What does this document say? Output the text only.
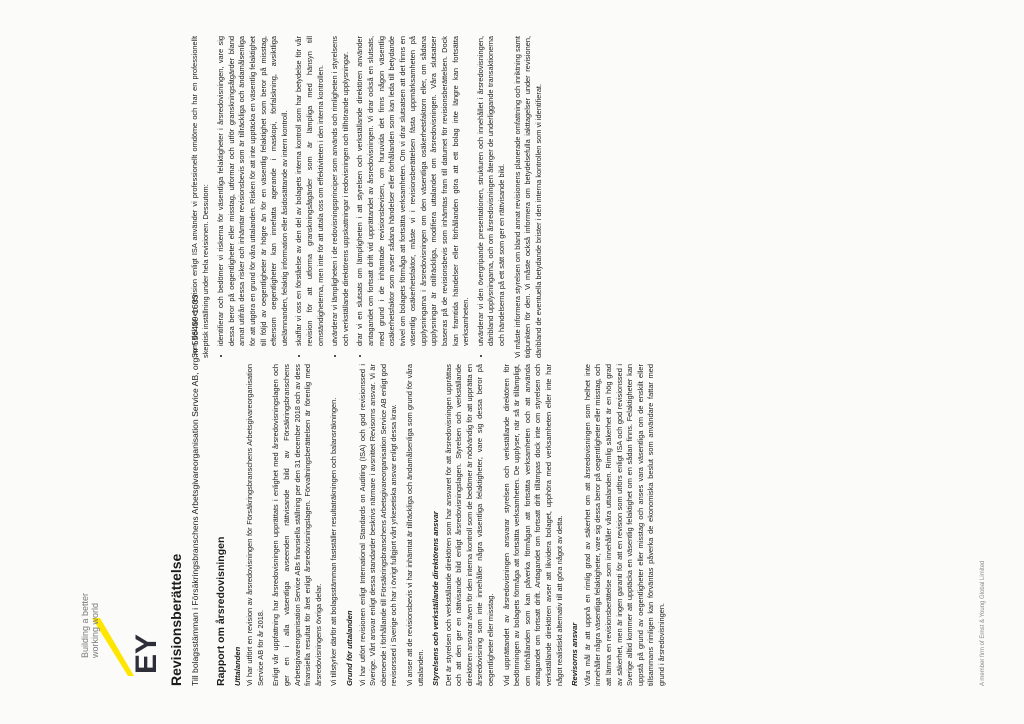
EY
Building a better working world	Revisionsberättelse Till bolagsstämman i Försäkringsbranschens Arbetsgivareorganisation Service AB, org.nr 556459-1633 Rapport om årsredovisningen Uttalanden Vi har utfört en revision av årsredovisningen för Försäkringsbranschens Arbetsgivareorganisation Service AB för år 2018. Enligt vår uppfattning har årsredovisningen upprättats i enlighet med årsredovisningslagen och ger en i alla väsentliga avseenden rättvisande bild av Försäkringsbranschens Arbetsgivareorganisation Service ABs finansiella ställning per den 31 december 2018 och av dess finansiella resultat för året enligt årsredovisningslagen. Förvaltningsberättelsen är förenlig med årsredovisningens övriga delar. Vi tillstyrker därför att bolagsstämman fastställer resultaträkningen och balansräkningen. Grund för uttalanden Vi har utfört revisionen enligt International Standards on Auditing (ISA) och god revisionssed i Sverige. Vårt ansvar enligt dessa standarder beskrivs närmare i avsnittet Revisorns ansvar. Vi är oberoende i förhållande till Försäkringsbranschens Arbetsgivareorganisation Service AB enligt god revisorssed i Sverige och har i övrigt fullgjort vårt yrkesetiska ansvar enligt dessa krav. Vi anser att de revisionsbevis vi har inhämtat är tillräckliga och ändamålsenliga som grund för våra uttalanden. Styrelsens och verkställande direktörens ansvar Det är styrelsen och verkställande direktören som har ansvaret för att årsredovisningen upprättas och att den ger en rättvisande bild enligt årsredovisningslagen. Styrelsen och verkställande direktören ansvarar även för den interna kontroll som de bedömer är nödvändig för att upprätta en årsredovisning som inte innehåller några väsentliga felaktigheter, vare sig dessa beror på oegentligheter eller misstag. Vid upprättandet av årsredovisningen ansvarar styrelsen och verkställande direktören för bedömningen av bolagets förmåga att fortsätta verksamheten. De upplyser, när så är tillämpligt, om förhållanden som kan påverka förmågan att fortsätta verksamheten och att använda antagandet om fortsatt drift. Antagandet om fortsatt drift tillämpas dock inte om styrelsen och verkställande direktören avser att likvidera bolaget, upphöra med verksamheten eller inte har något realistiskt alternativ till att göra något av detta. Revisorns ansvar Våra mål är att uppnå en rimlig grad av säkerhet om att årsredovisningen som helhet inte innehåller några väsentliga felaktigheter, vare sig dessa beror på oegentligheter eller misstag, och att lämna en revisionsberättelse som innehåller våra uttalanden. Rimlig säkerhet är en hög grad av säkerhet, men är ingen garanti för att en revision som utförs enligt ISA och god revisionssed i Sverige alltid kommer att upptäcka en väsentlig felaktighet om en sådan finns. Felaktigheter kan uppstå på grund av oegentligheter eller misstag och anses vara väsentliga om de enskilt eller tillsammans rimligen kan förväntas påverka de ekonomiska beslut som användare fattar med grund i årsredovisningen.

Som del av en revision enligt ISA använder vi professionellt omdöme och har en professionellt skeptisk inställning under hela revisionen. Dessutom: • identifierar och bedömer vi riskerna för väsentliga felaktigheter i årsredovisningen, vare sig dessa beror på oegentligheter eller misstag, utformar och utför granskningsåtgärder bland annat utifrån dessa risker och inhämtar revisionsbevis som är tillräckliga och ändamålsenliga för att utgöra en grund för våra uttalanden. Risken för att inte upptäcka en väsentlig felaktighet till följd av oegentligheter är högre än för en väsentlig felaktighet som beror på misstag, eftersom oegentligheter kan innefatta agerande i maskopi, förfalskning, avsiktliga utelämnanden, felaktig information eller åsidosättande av intern kontroll. • skaffar vi oss en förståelse av den del av bolagets interna kontroll som har betydelse för vår revision för att utforma granskningsåtgärder som är lämpliga med hänsyn till omständigheterna, men inte för att uttala oss om effektiviteten i den interna kontrollen. • utvärderar vi lämpligheten i de redovisningsprinciper som används och rimligheten i styrelsens och verkställande direktörens uppskattningar i redovisningen och tillhörande upplysningar. • drar vi en slutsats om lämpligheten i att styrelsen och verkställande direktören använder antagandet om fortsatt drift vid upprättandet av årsredovisningen. Vi drar också en slutsats, med grund i de inhämtade revisionsbevisen, om huruvida det finns någon väsentlig osäkerhetsfaktor som avser sådana händelser eller förhållanden som kan leda till betydande tvivel om bolagets förmåga att fortsätta verksamheten. Om vi drar slutsatsen att det finns en väsentlig osäkerhetsfaktor, måste vi i revisionsberättelsen fästa uppmärksamheten på upplysningarna i årsredovisningen om den väsentliga osäkerhetsfaktorn eller, om sådana upplysningar är otillräckliga, modifiera uttalandet om årsredovisningen. Våra slutsatser baseras på de revisionsbevis som inhämtas fram till datumet för revisionsberättelsen. Dock kan framtida händelser eller förhållanden göra att ett bolag inte längre kan fortsätta verksamheten. • utvärderar vi den övergripande presentationen, strukturen och innehållet i årsredovisningen, däribland upplysningarna, och om årsredovisningen återger de underliggande transaktionerna och händelserna på ett sätt som ger en rättvisande bild. Vi måste informera styrelsen om bland annat revisionens planerade omfattning och inriktning samt tidpunkten för den. Vi måste också informera om betydelsefulla iakttagelser under revisionen, däribland de eventuella betydande brister i den interna kontrollen som vi identifierat.

A member firm of Ernst & Young Global Limited
